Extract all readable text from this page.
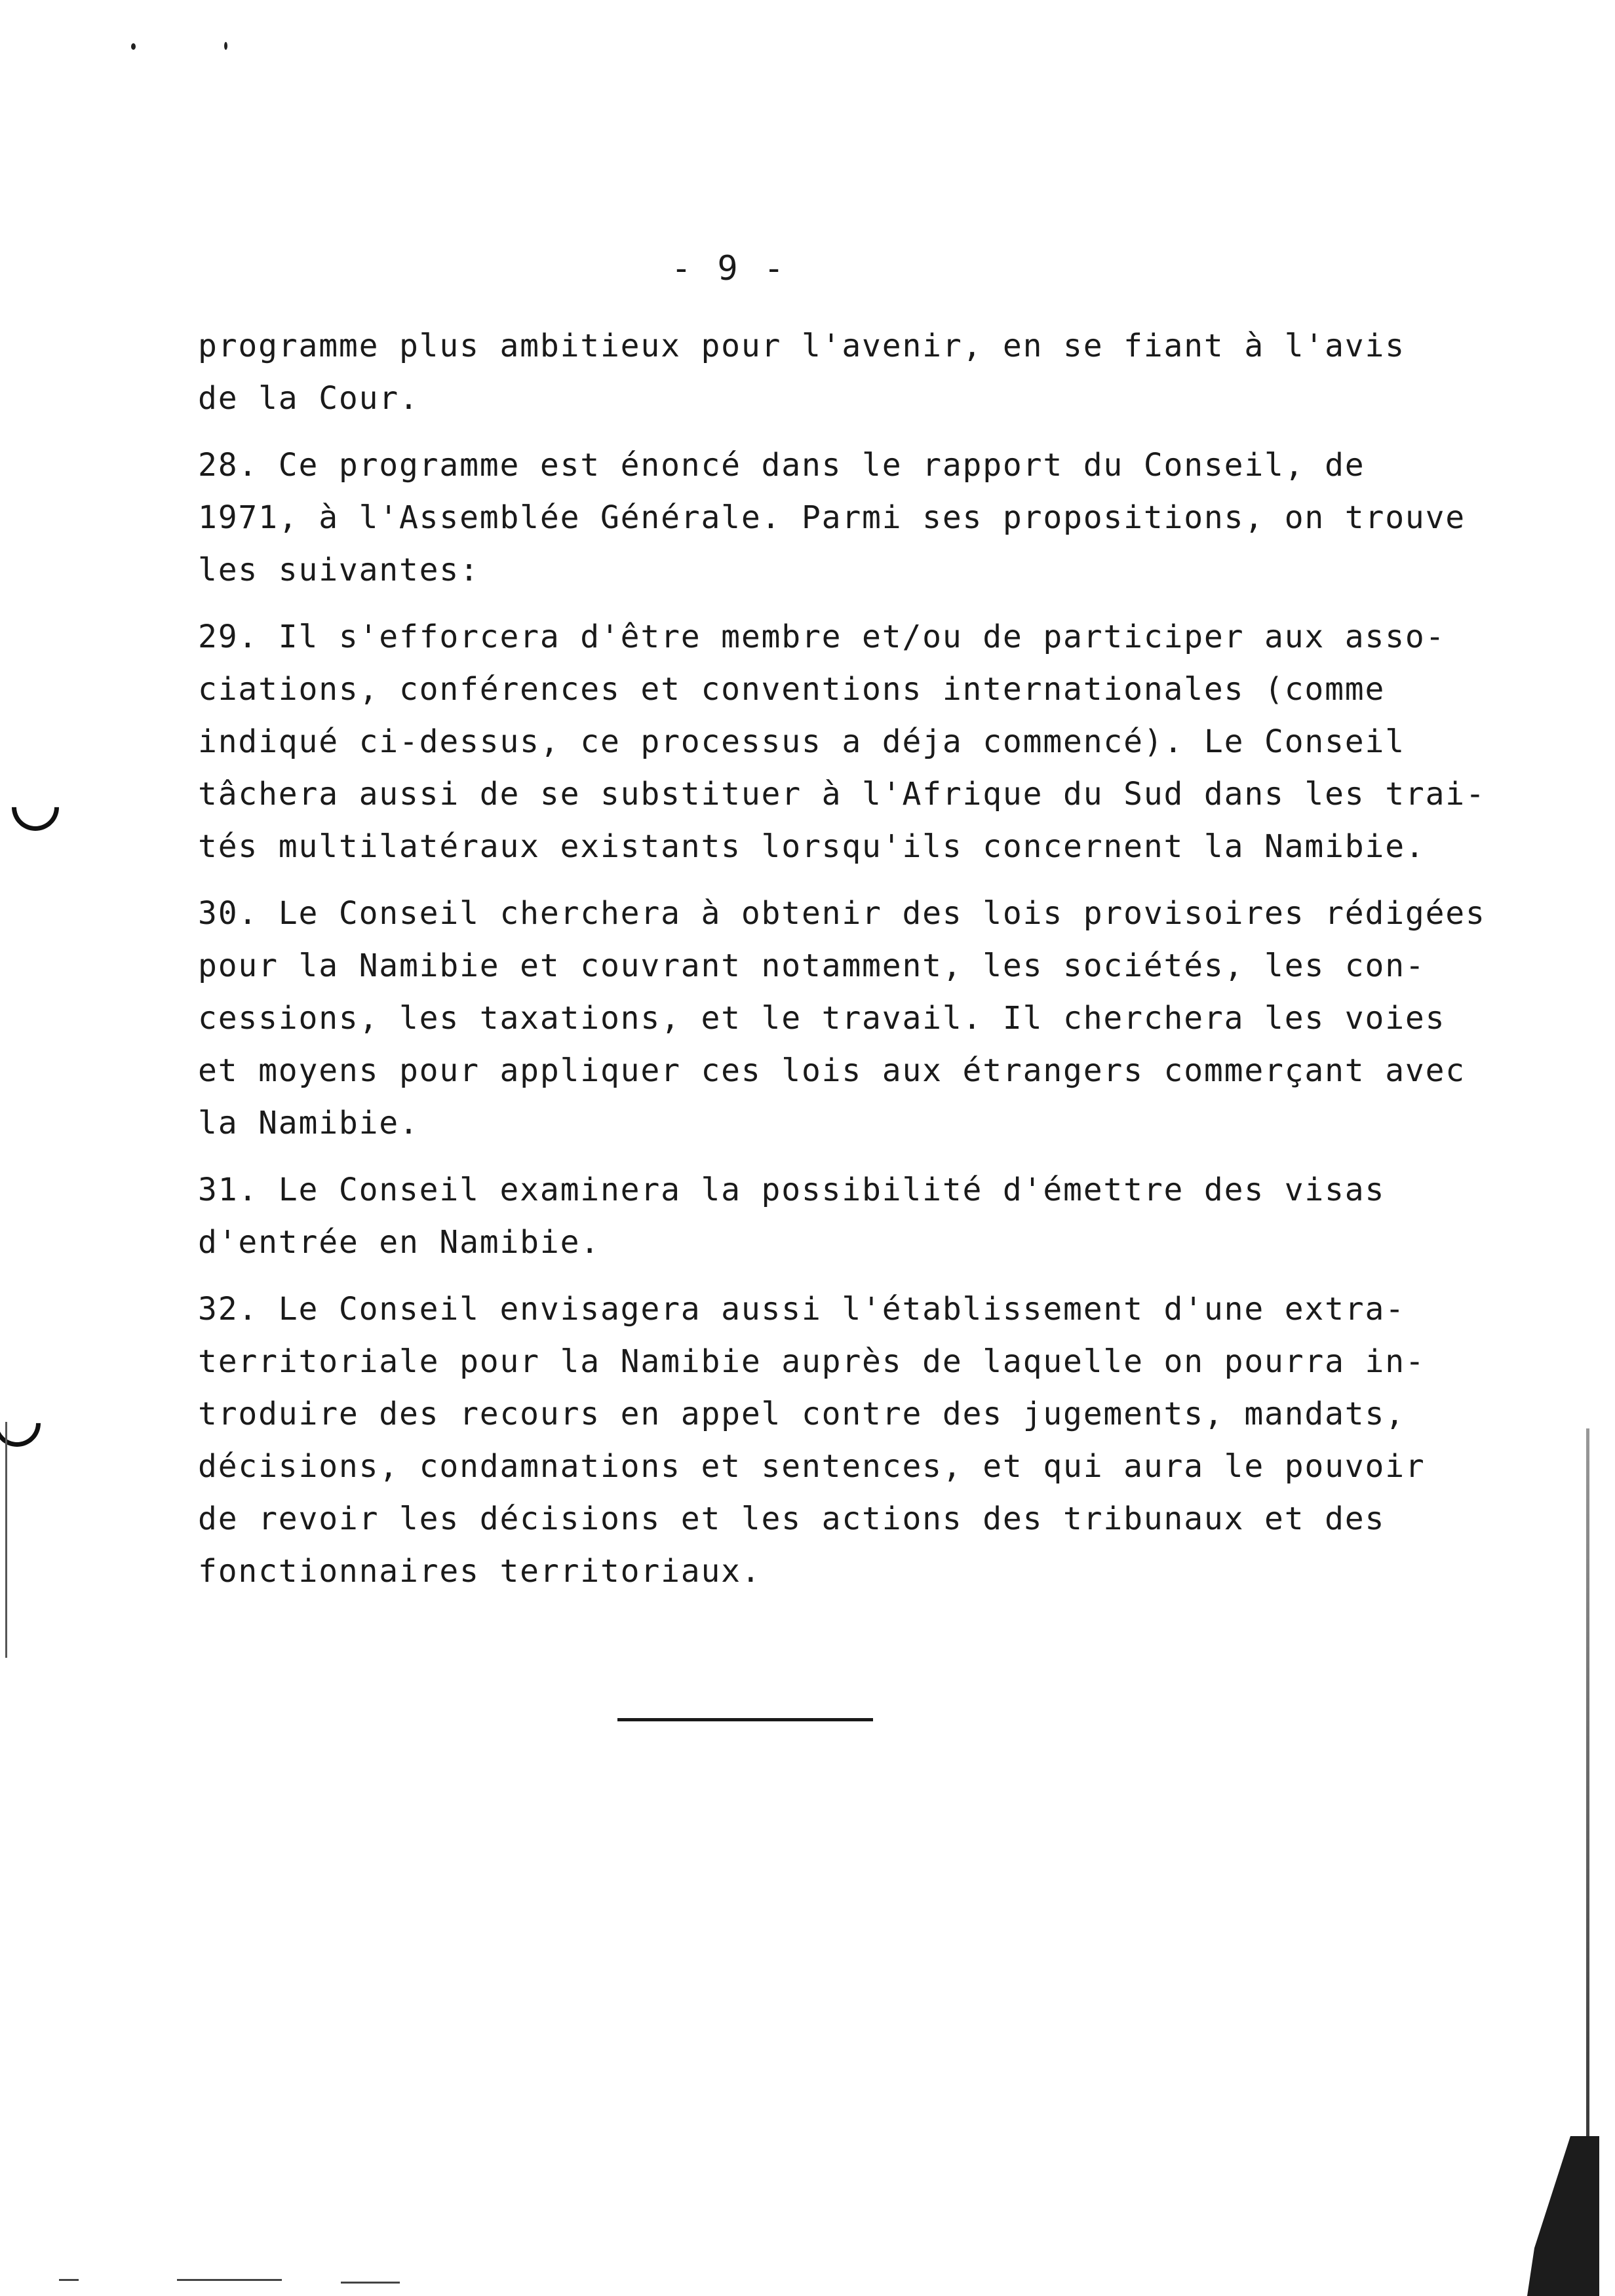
- 9 -
programme plus ambitieux pour l'avenir, en se fiant à l'avis
de la Cour.
28. Ce programme est énoncé dans le rapport du Conseil, de
1971, à l'Assemblée Générale. Parmi ses propositions, on trouve
les suivantes:
29. Il s'efforcera d'être membre et/ou de participer aux asso-
ciations, conférences et conventions internationales (comme
indiqué ci-dessus, ce processus a déja commencé). Le Conseil
tâchera aussi de se substituer à l'Afrique du Sud dans les trai-
tés multilatéraux existants lorsqu'ils concernent la Namibie.
30. Le Conseil cherchera à obtenir des lois provisoires rédigées
pour la Namibie et couvrant notamment, les sociétés, les con-
cessions, les taxations, et le travail. Il cherchera les voies
et moyens pour appliquer ces lois aux étrangers commerçant avec
la Namibie.
31. Le Conseil examinera la possibilité d'émettre des visas
d'entrée en Namibie.
32. Le Conseil envisagera aussi l'établissement d'une extra-
territoriale pour la Namibie auprès de laquelle on pourra in-
troduire des recours en appel contre des jugements, mandats,
décisions, condamnations et sentences, et qui aura le pouvoir
de revoir les décisions et les actions des tribunaux et des
fonctionnaires territoriaux.
